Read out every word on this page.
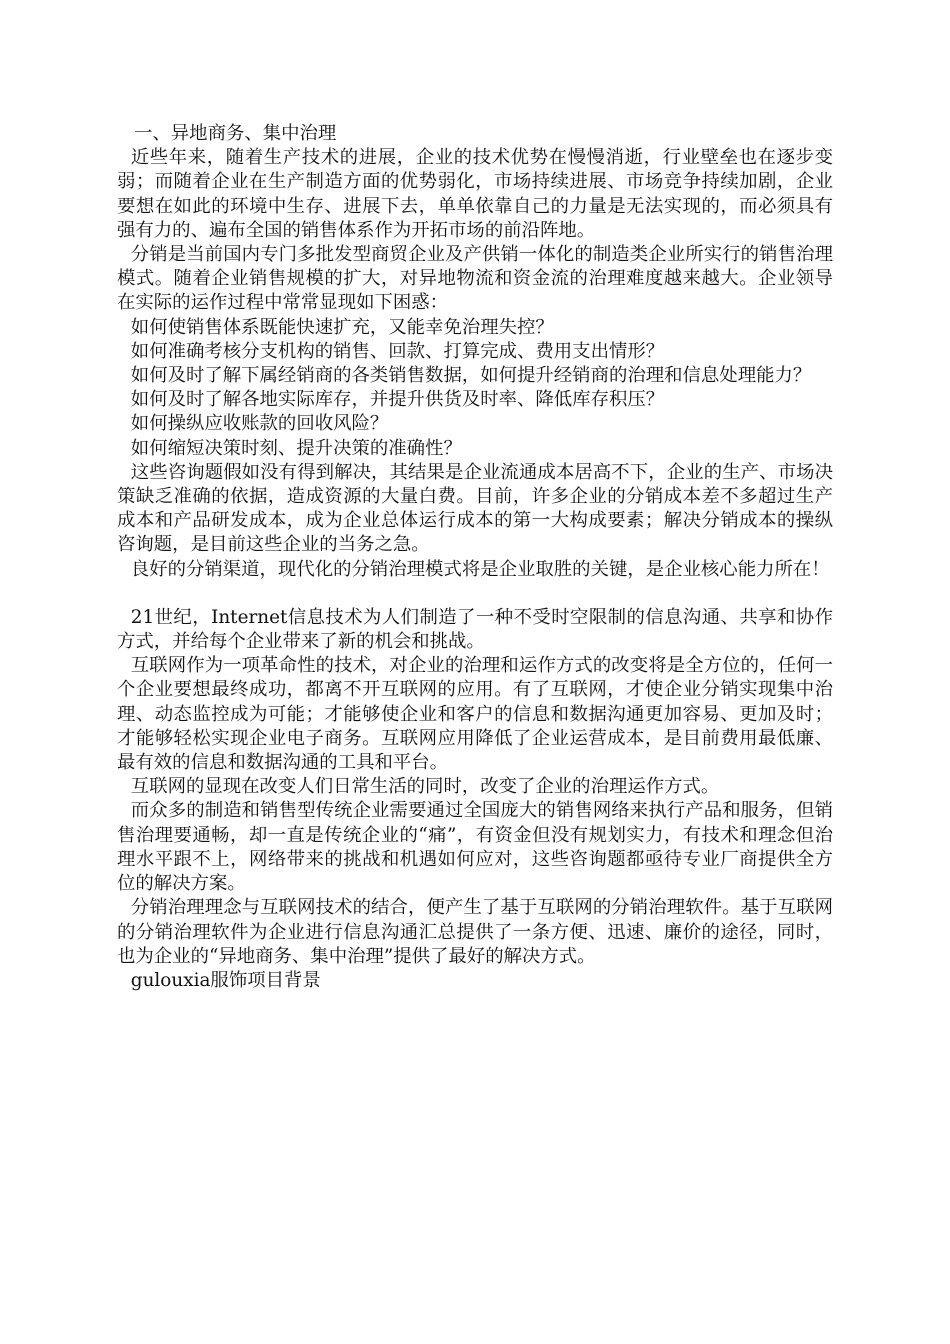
一、异地商务、集中治理

近些年来，随着生产技术的进展，企业的技术优势在慢慢消逝，行业壁垒也在逐步变弱；而随着企业在生产制造方面的优势弱化，市场持续进展、市场竞争持续加剧，企业要想在如此的环境中生存、进展下去，单单依靠自己的力量是无法实现的，而必须具有强有力的、遍布全国的销售体系作为开拓市场的前沿阵地。

分销是当前国内专门多批发型商贸企业及产供销一体化的制造类企业所实行的销售治理模式。随着企业销售规模的扩大，对异地物流和资金流的治理难度越来越大。企业领导在实际的运作过程中常常显现如下困惑：

如何使销售体系既能快速扩充，又能幸免治理失控？

如何准确考核分支机构的销售、回款、打算完成、费用支出情形？

如何及时了解下属经销商的各类销售数据，如何提升经销商的治理和信息处理能力？

如何及时了解各地实际库存，并提升供货及时率、降低库存积压？

如何操纵应收账款的回收风险？

如何缩短决策时刻、提升决策的准确性？

这些咨询题假如没有得到解决，其结果是企业流通成本居高不下，企业的生产、市场决策缺乏准确的依据，造成资源的大量白费。目前，许多企业的分销成本差不多超过生产成本和产品研发成本，成为企业总体运行成本的第一大构成要素；解决分销成本的操纵咨询题，是目前这些企业的当务之急。

良好的分销渠道，现代化的分销治理模式将是企业取胜的关键，是企业核心能力所在！

21世纪，Internet信息技术为人们制造了一种不受时空限制的信息沟通、共享和协作方式，并给每个企业带来了新的机会和挑战。

互联网作为一项革命性的技术，对企业的治理和运作方式的改变将是全方位的，任何一个企业要想最终成功，都离不开互联网的应用。有了互联网，才使企业分销实现集中治理、动态监控成为可能；才能够使企业和客户的信息和数据沟通更加容易、更加及时；才能够轻松实现企业电子商务。互联网应用降低了企业运营成本，是目前费用最低廉、最有效的信息和数据沟通的工具和平台。

互联网的显现在改变人们日常生活的同时，改变了企业的治理运作方式。

而众多的制造和销售型传统企业需要通过全国庞大的销售网络来执行产品和服务，但销售治理要通畅，却一直是传统企业的“痛”，有资金但没有规划实力，有技术和理念但治理水平跟不上，网络带来的挑战和机遇如何应对，这些咨询题都亟待专业厂商提供全方位的解决方案。

分销治理理念与互联网技术的结合，便产生了基于互联网的分销治理软件。基于互联网的分销治理软件为企业进行信息沟通汇总提供了一条方便、迅速、廉价的途径，同时，也为企业的“异地商务、集中治理”提供了最好的解决方式。

gulouxia服饰项目背景
